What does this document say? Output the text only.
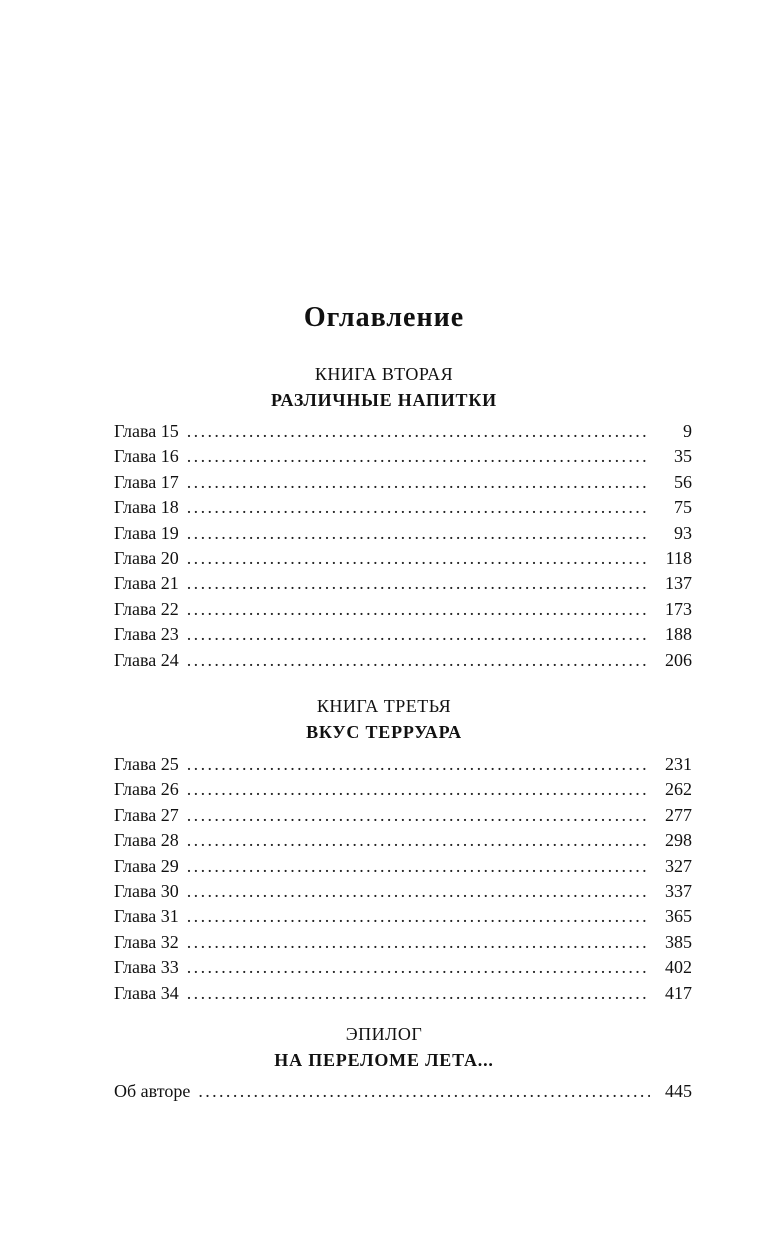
Оглавление
КНИГА ВТОРАЯ
РАЗЛИЧНЫЕ НАПИТКИ
Глава 15 .....	9
Глава 16 .....	35
Глава 17 .....	56
Глава 18 .....	75
Глава 19 .....	93
Глава 20 .....	118
Глава 21 .....	137
Глава 22 .....	173
Глава 23 .....	188
Глава 24 .....	206
КНИГА ТРЕТЬЯ
ВКУС ТЕРРУАРА
Глава 25 .....	231
Глава 26 .....	262
Глава 27 .....	277
Глава 28 .....	298
Глава 29 .....	327
Глава 30 .....	337
Глава 31 .....	365
Глава 32 .....	385
Глава 33 .....	402
Глава 34 .....	417
ЭПИЛОГ
НА ПЕРЕЛОМЕ ЛЕТА...
Об авторе .....	445
